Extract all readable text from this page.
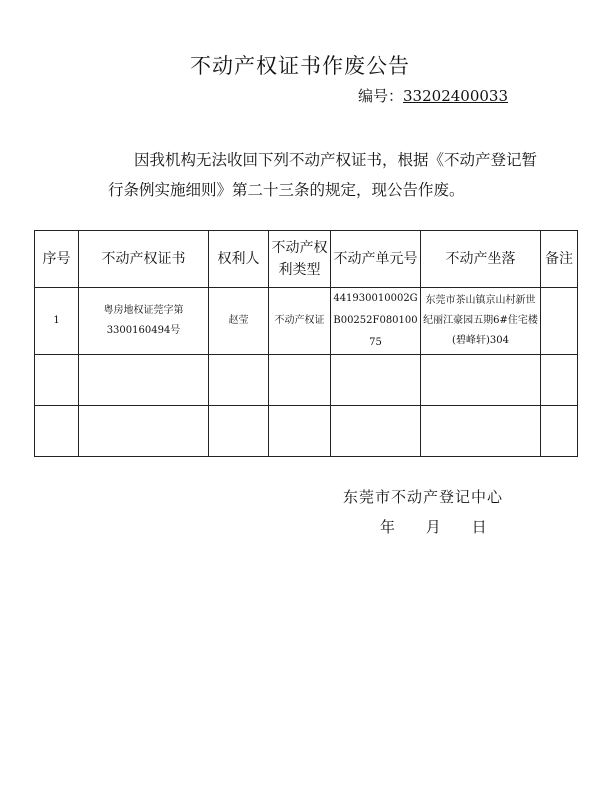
不动产权证书作废公告
编号：33202400033
因我机构无法收回下列不动产权证书，根据《不动产登记暂行条例实施细则》第二十三条的规定，现公告作废。
序号	不动产权证书	权利人	不动产权利类型	不动产单元号	不动产坐落	备注
1	粤房地权证莞字第3300160494号	赵莹	不动产权证	441930010002GB00252F08010075	东莞市茶山镇京山村新世纪丽江豪园五期6#住宅楼(碧峰轩)304	

东莞市不动产登记中心
年 月 日
